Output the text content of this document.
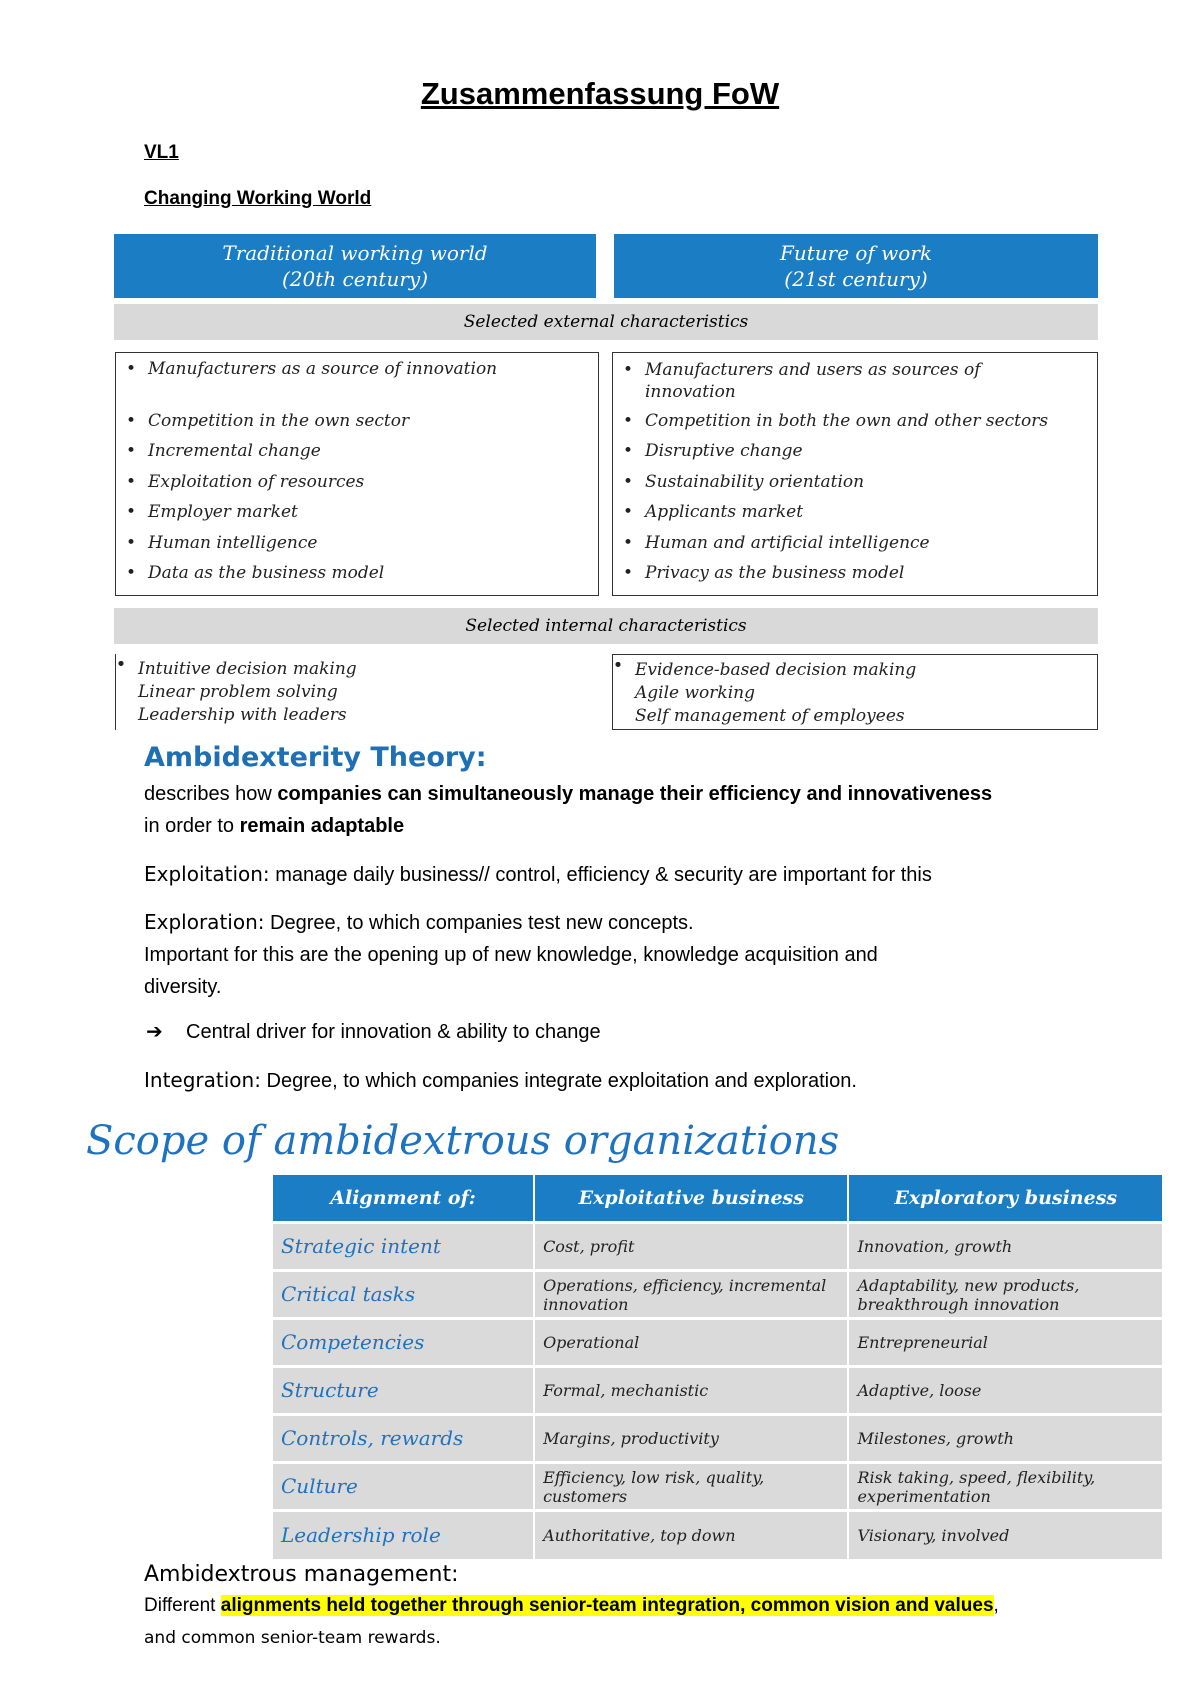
Zusammenfassung FoW
VL1
Changing Working World
Traditional working world
(20th century)
Future of work
(21st century)
Selected external characteristics
• Manufacturers as a source of innovation
• Competition in the own sector
• Incremental change
• Exploitation of resources
• Employer market
• Human intelligence
• Data as the business model
• Manufacturers and users as sources of innovation
• Competition in both the own and other sectors
• Disruptive change
• Sustainability orientation
• Applicants market
• Human and artificial intelligence
• Privacy as the business model
Selected internal characteristics
• Intuitive decision making
• Linear problem solving
• Leadership with leaders
• Evidence-based decision making
• Agile working
• Self management of employees
Ambidexterity Theory:
describes how companies can simultaneously manage their efficiency and innovativeness
in order to remain adaptable
Exploitation: manage daily business// control, efficiency & security are important for this
Exploration: Degree, to which companies test new concepts.
Important for this are the opening up of new knowledge, knowledge acquisition and
diversity.
➔ Central driver for innovation & ability to change
Integration: Degree, to which companies integrate exploitation and exploration.
Scope of ambidextrous organizations
Alignment of:	Exploitative business	Exploratory business
Strategic intent	Cost, profit	Innovation, growth
Critical tasks	Operations, efficiency, incremental innovation	Adaptability, new products, breakthrough innovation
Competencies	Operational	Entrepreneurial
Structure	Formal, mechanistic	Adaptive, loose
Controls, rewards	Margins, productivity	Milestones, growth
Culture	Efficiency, low risk, quality, customers	Risk taking, speed, flexibility, experimentation
Leadership role	Authoritative, top down	Visionary, involved
Ambidextrous management:
Different alignments held together through senior-team integration, common vision and values,
and common senior-team rewards.
